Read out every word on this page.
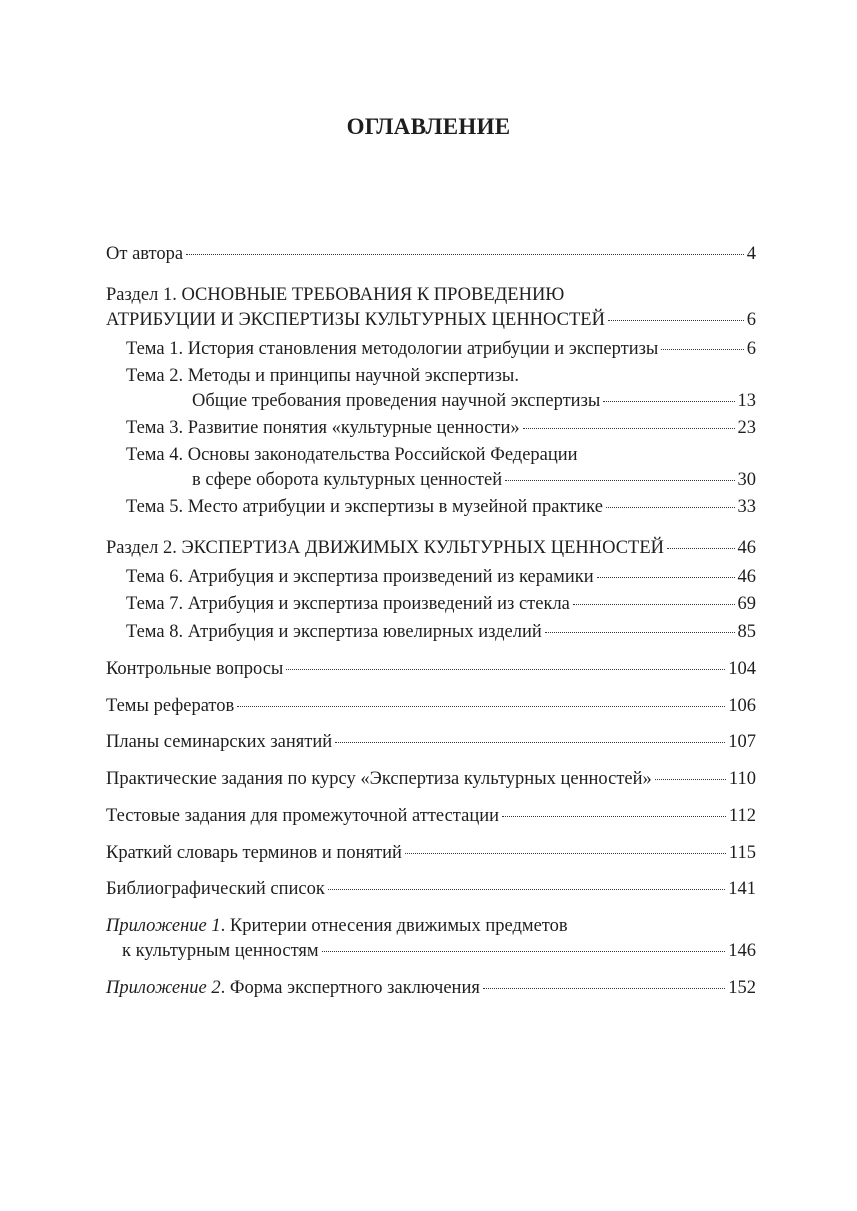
ОГЛАВЛЕНИЕ
От автора	4
Раздел 1. ОСНОВНЫЕ ТРЕБОВАНИЯ К ПРОВЕДЕНИЮ
АТРИБУЦИИ И ЭКСПЕРТИЗЫ КУЛЬТУРНЫХ ЦЕННОСТЕЙ	6
Тема 1. История становления методологии атрибуции и экспертизы	6
Тема 2. Методы и принципы научной экспертизы.
Общие требования проведения научной экспертизы	13
Тема 3. Развитие понятия «культурные ценности»	23
Тема 4. Основы законодательства Российской Федерации
в сфере оборота культурных ценностей	30
Тема 5. Место атрибуции и экспертизы в музейной практике	33
Раздел 2. ЭКСПЕРТИЗА ДВИЖИМЫХ КУЛЬТУРНЫХ ЦЕННОСТЕЙ	46
Тема 6. Атрибуция и экспертиза произведений из керамики	46
Тема 7. Атрибуция и экспертиза произведений из стекла	69
Тема 8. Атрибуция и экспертиза ювелирных изделий	85
Контрольные вопросы	104
Темы рефератов	106
Планы семинарских занятий	107
Практические задания по курсу «Экспертиза культурных ценностей»	110
Тестовые задания для промежуточной аттестации	112
Краткий словарь терминов и понятий	115
Библиографический список	141
Приложение 1. Критерии отнесения движимых предметов
к культурным ценностям	146
Приложение 2. Форма экспертного заключения	152
